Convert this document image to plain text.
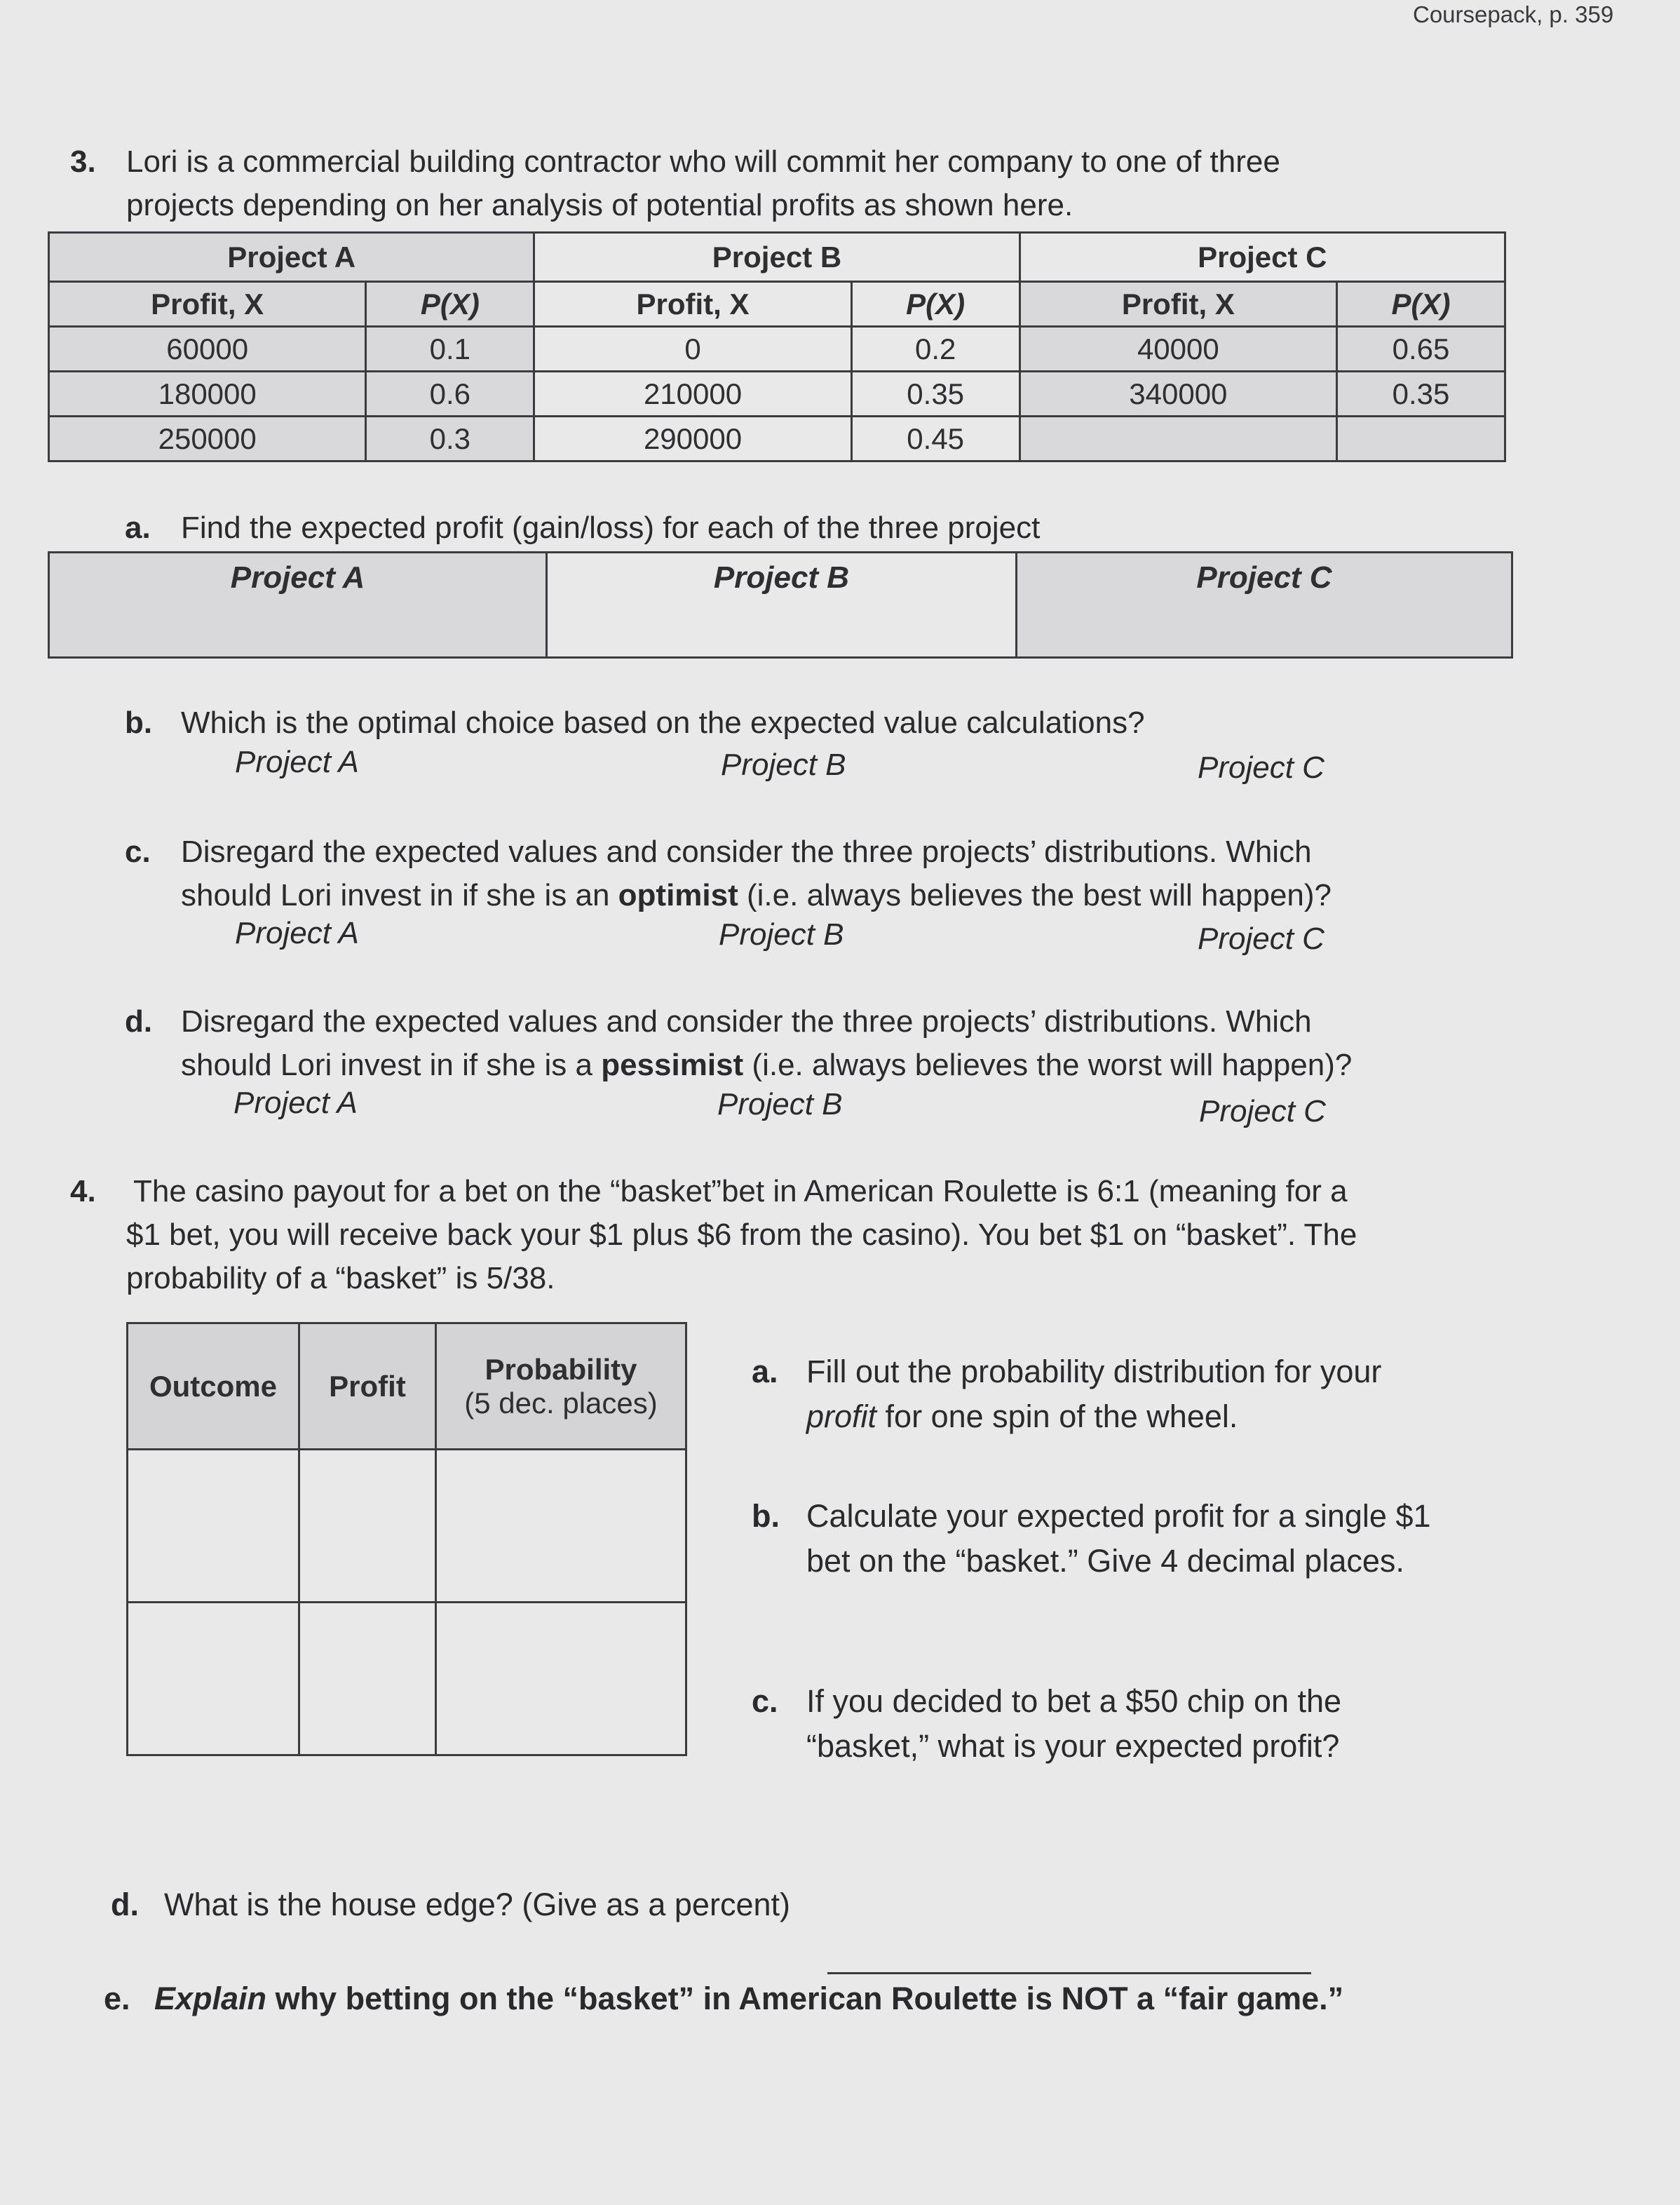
Coursepack, p. 359
3. Lori is a commercial building contractor who will commit her company to one of three
projects depending on her analysis of potential profits as shown here.
Project A		Project B		Project C	
Profit, X	P(X)	Profit, X	P(X)	Profit, X	P(X)
60000	0.1	0	0.2	40000	0.65
180000	0.6	210000	0.35	340000	0.35
250000	0.3	290000	0.45		
a. Find the expected profit (gain/loss) for each of the three project
Project A	Project B	Project C
b. Which is the optimal choice based on the expected value calculations?
Project A	Project B	Project C
c. Disregard the expected values and consider the three projects’ distributions. Which
should Lori invest in if she is an optimist (i.e. always believes the best will happen)?
Project A	Project B	Project C
d. Disregard the expected values and consider the three projects’ distributions. Which
should Lori invest in if she is a pessimist (i.e. always believes the worst will happen)?
Project A	Project B	Project C
4. The casino payout for a bet on the “basket”bet in American Roulette is 6:1 (meaning for a
$1 bet, you will receive back your $1 plus $6 from the casino). You bet $1 on “basket”. The
probability of a “basket” is 5/38.
Outcome	Profit	Probability
(5 dec. places)

a. Fill out the probability distribution for your
profit for one spin of the wheel.
b. Calculate your expected profit for a single $1
bet on the “basket.” Give 4 decimal places.
c. If you decided to bet a $50 chip on the
“basket,” what is your expected profit?
d. What is the house edge? (Give as a percent)
e. Explain why betting on the “basket” in American Roulette is NOT a “fair game.”
